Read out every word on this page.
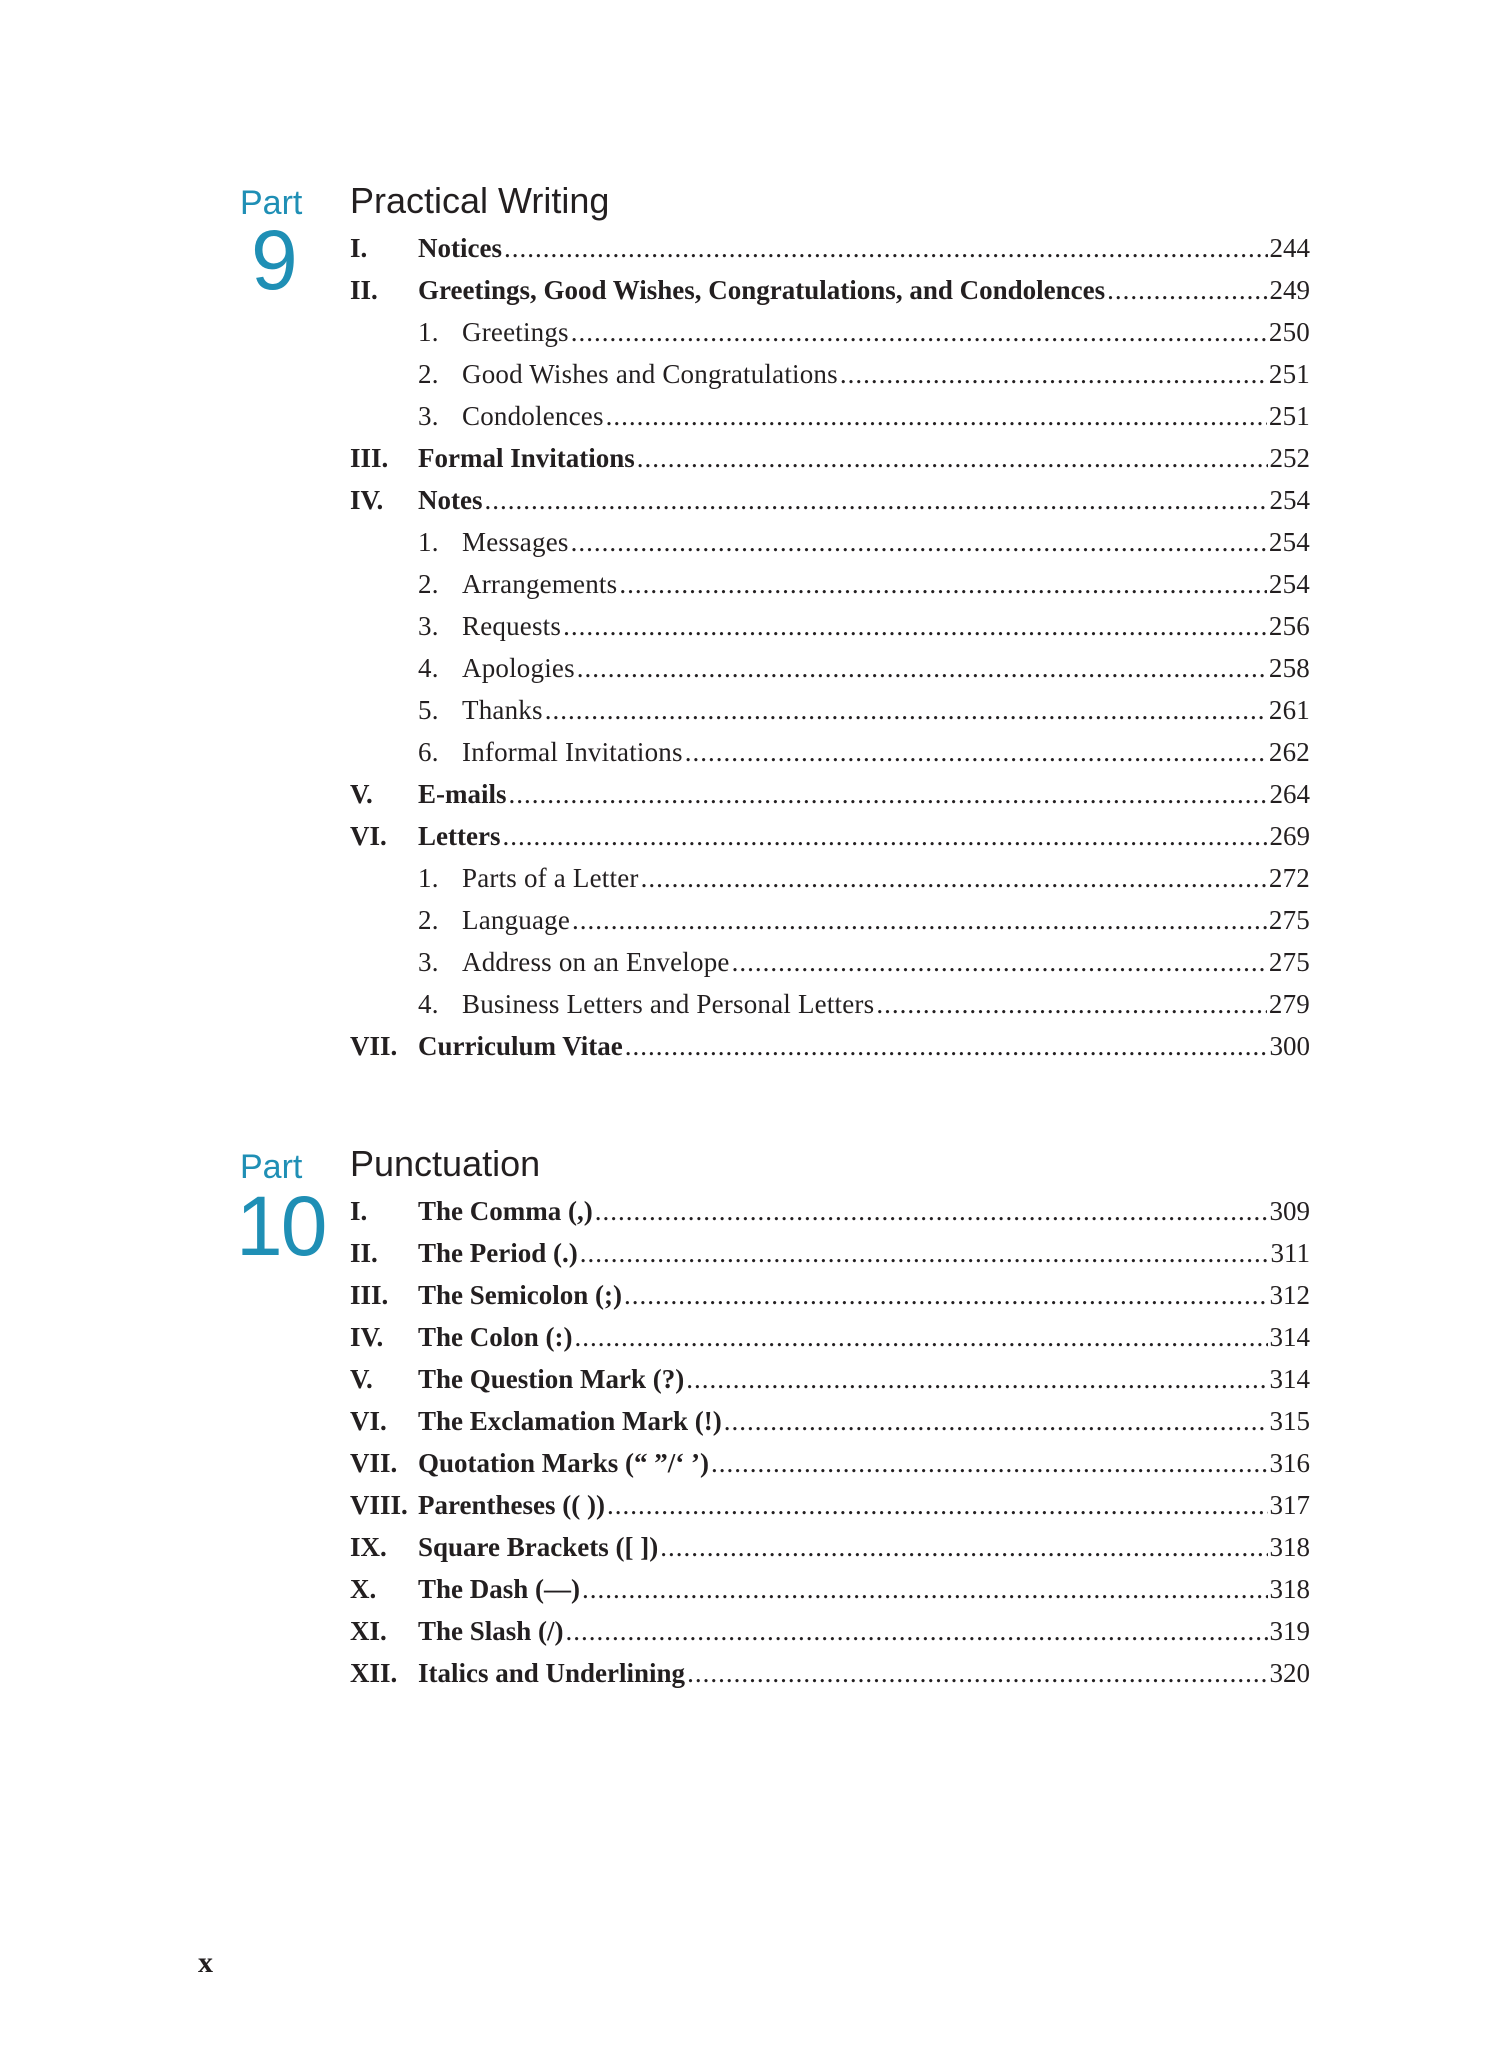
Part
9
Practical Writing
I.	Notices .....	244
II.	Greetings, Good Wishes, Congratulations, and Condolences .....	249
1. Greetings .....	250
2. Good Wishes and Congratulations .....	251
3. Condolences .....	251
III.	Formal Invitations .....	252
IV.	Notes .....	254
1. Messages .....	254
2. Arrangements .....	254
3. Requests .....	256
4. Apologies .....	258
5. Thanks .....	261
6. Informal Invitations .....	262
V.	E-mails .....	264
VI.	Letters .....	269
1. Parts of a Letter .....	272
2. Language .....	275
3. Address on an Envelope .....	275
4. Business Letters and Personal Letters .....	279
VII. Curriculum Vitae .....	300
Part
10
Punctuation
I.	The Comma (,) .....	309
II.	The Period (.) .....	311
III.	The Semicolon (;) .....	312
IV.	The Colon (:) .....	314
V.	The Question Mark (?) .....	314
VI.	The Exclamation Mark (!) .....	315
VII. Quotation Marks (“ ”/‘ ’) .....	316
VIII. Parentheses (( )) .....	317
IX.	Square Brackets ([ ]) .....	318
X.	The Dash (—) .....	318
XI.	The Slash (/) .....	319
XII. Italics and Underlining .....	320
x
